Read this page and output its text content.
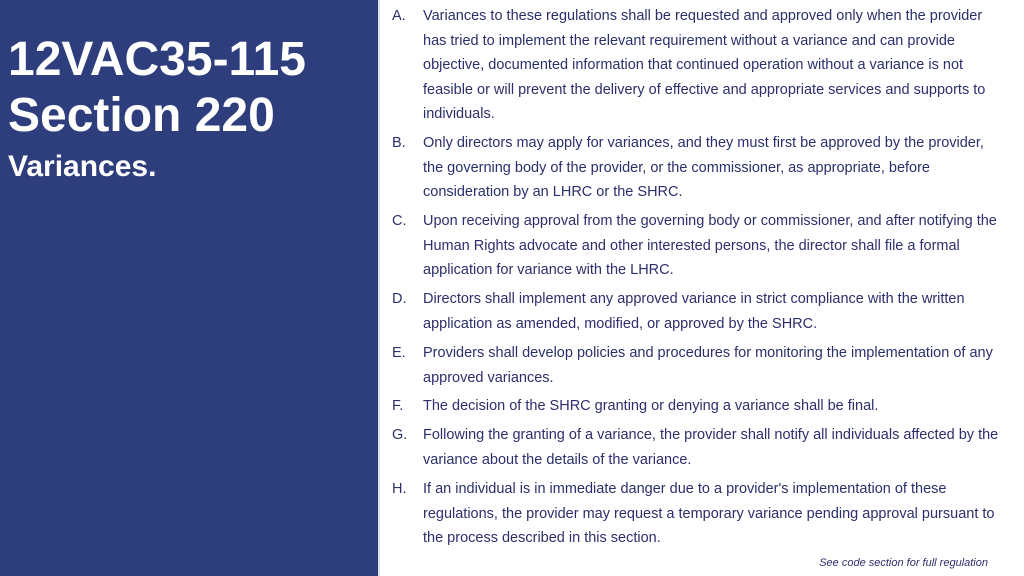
12VAC35-115
Section 220
Variances.
A.	Variances to these regulations shall be requested and approved only when the provider has tried to implement the relevant requirement without a variance and can provide objective, documented information that continued operation without a variance is not feasible or will prevent the delivery of effective and appropriate services and supports to individuals.
B.	Only directors may apply for variances, and they must first be approved by the provider, the governing body of the provider, or the commissioner, as appropriate, before consideration by an LHRC or the SHRC.
C.	Upon receiving approval from the governing body or commissioner, and after notifying the Human Rights advocate and other interested persons, the director shall file a formal application for variance with the LHRC.
D.	Directors shall implement any approved variance in strict compliance with the written application as amended, modified, or approved by the SHRC.
E.	Providers shall develop policies and procedures for monitoring the implementation of any approved variances.
F.	The decision of the SHRC granting or denying a variance shall be final.
G.	Following the granting of a variance, the provider shall notify all individuals affected by the variance about the details of the variance.
H.	If an individual is in immediate danger due to a provider's implementation of these regulations, the provider may request a temporary variance pending approval pursuant to the process described in this section.
See code section for full regulation
